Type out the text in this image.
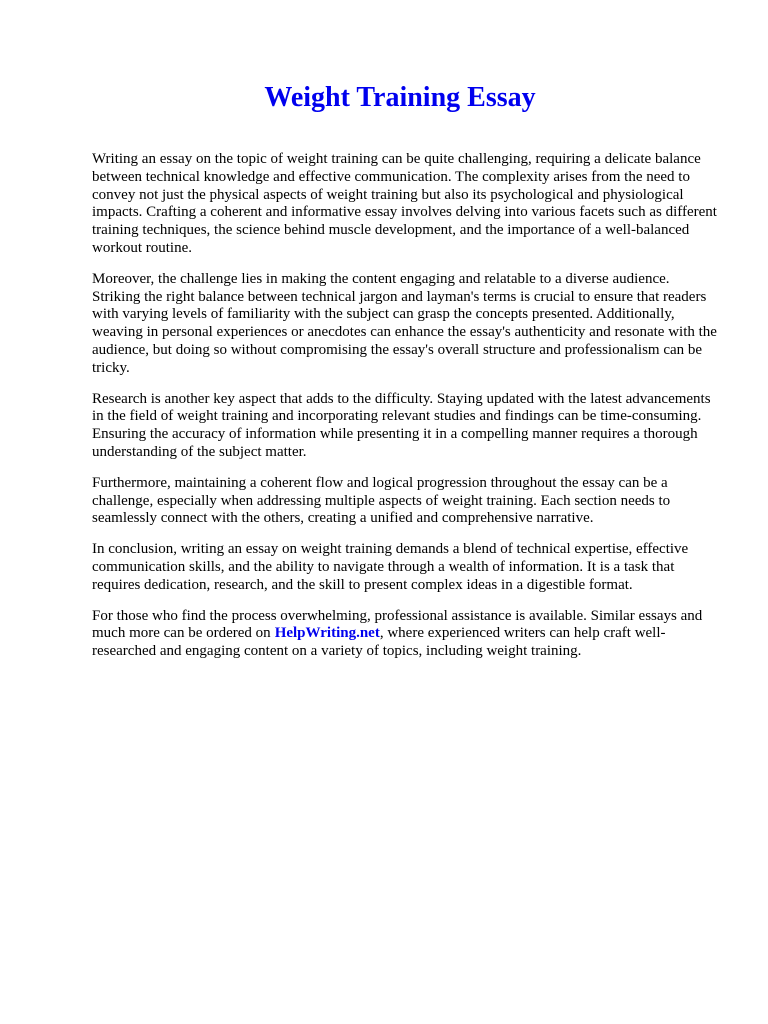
Weight Training Essay

Writing an essay on the topic of weight training can be quite challenging, requiring a delicate balance between technical knowledge and effective communication. The complexity arises from the need to convey not just the physical aspects of weight training but also its psychological and physiological impacts. Crafting a coherent and informative essay involves delving into various facets such as different training techniques, the science behind muscle development, and the importance of a well-balanced workout routine.

Moreover, the challenge lies in making the content engaging and relatable to a diverse audience. Striking the right balance between technical jargon and layman's terms is crucial to ensure that readers with varying levels of familiarity with the subject can grasp the concepts presented. Additionally, weaving in personal experiences or anecdotes can enhance the essay's authenticity and resonate with the audience, but doing so without compromising the essay's overall structure and professionalism can be tricky.

Research is another key aspect that adds to the difficulty. Staying updated with the latest advancements in the field of weight training and incorporating relevant studies and findings can be time-consuming. Ensuring the accuracy of information while presenting it in a compelling manner requires a thorough understanding of the subject matter.

Furthermore, maintaining a coherent flow and logical progression throughout the essay can be a challenge, especially when addressing multiple aspects of weight training. Each section needs to seamlessly connect with the others, creating a unified and comprehensive narrative.

In conclusion, writing an essay on weight training demands a blend of technical expertise, effective communication skills, and the ability to navigate through a wealth of information. It is a task that requires dedication, research, and the skill to present complex ideas in a digestible format.

For those who find the process overwhelming, professional assistance is available. Similar essays and much more can be ordered on HelpWriting.net, where experienced writers can help craft well-researched and engaging content on a variety of topics, including weight training.
